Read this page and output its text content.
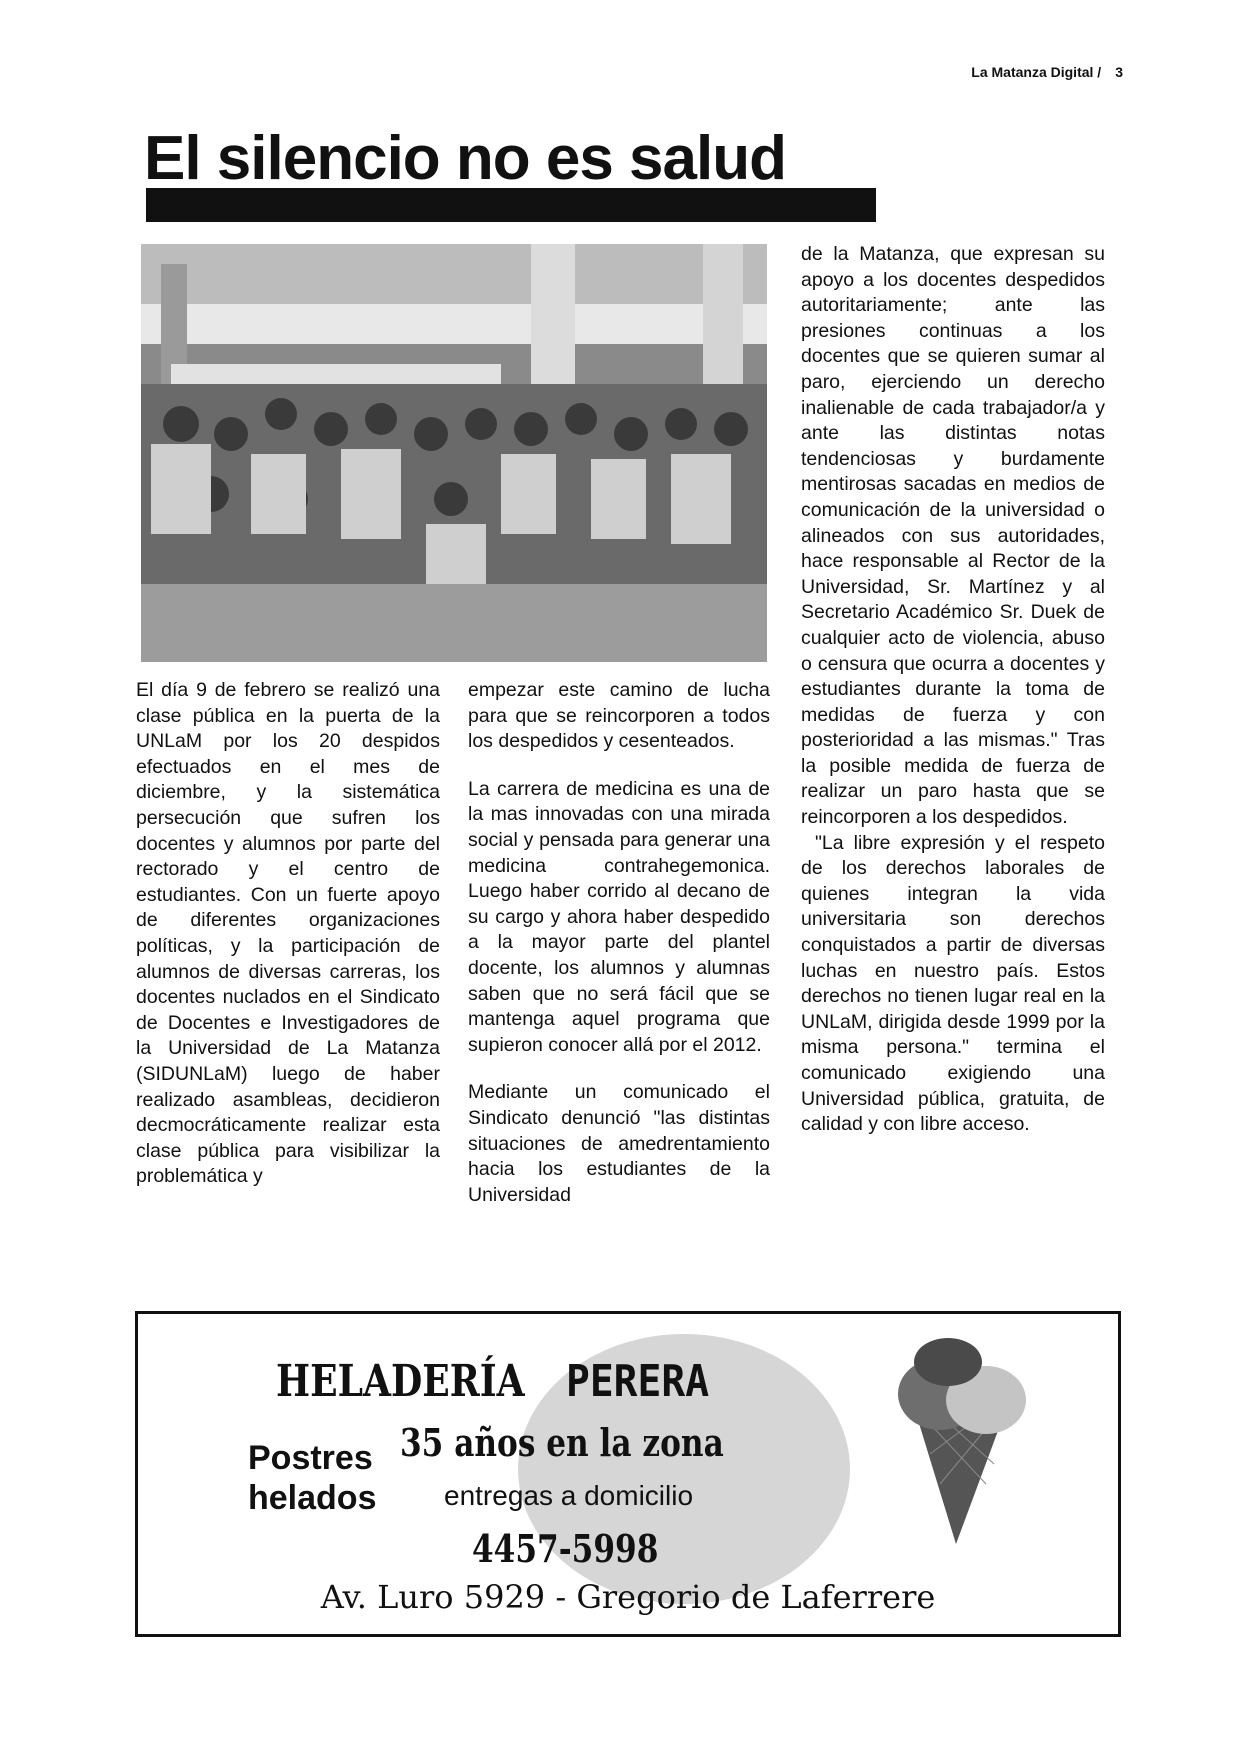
La Matanza Digital / 3
El silencio no es salud

El día 9 de febrero se realizó una clase pública en la puerta de la UNLaM por los 20 despidos efectuados en el mes de diciembre, y la sistemática persecución que sufren los docentes y alumnos por parte del rectorado y el centro de estudiantes. Con un fuerte apoyo de diferentes organizaciones políticas, y la participación de alumnos de diversas carreras, los docentes nuclados en el Sindicato de Docentes e Investigadores de la Universidad de La Matanza (SIDUNLaM) luego de haber realizado asambleas, decidieron decmocráticamente realizar esta clase pública para visibilizar la problemática y

empezar este camino de lucha para que se reincorporen a todos los despedidos y cesenteados.

La carrera de medicina es una de la mas innovadas con una mirada social y pensada para generar una medicina contrahegemonica. Luego haber corrido al decano de su cargo y ahora haber despedido a la mayor parte del plantel docente, los alumnos y alumnas saben que no será fácil que se mantenga aquel programa que supieron conocer allá por el 2012.

Mediante un comunicado el Sindicato denunció "las distintas situaciones de amedrentamiento hacia los estudiantes de la Universidad

de la Matanza, que expresan su apoyo a los docentes despedidos autoritariamente; ante las presiones continuas a los docentes que se quieren sumar al paro, ejerciendo un derecho inalienable de cada trabajador/a y ante las distintas notas tendenciosas y burdamente mentirosas sacadas en medios de comunicación de la universidad o alineados con sus autoridades, hace responsable al Rector de la Universidad, Sr. Martínez y al Secretario Académico Sr. Duek de cualquier acto de violencia, abuso o censura que ocurra a docentes y estudiantes durante la toma de medidas de fuerza y con posterioridad a las mismas." Tras la posible medida de fuerza de realizar un paro hasta que se reincorporen a los despedidos.

"La libre expresión y el respeto de los derechos laborales de quienes integran la vida universitaria son derechos conquistados a partir de diversas luchas en nuestro país. Estos derechos no tienen lugar real en la UNLaM, dirigida desde 1999 por la misma persona." termina el comunicado exigiendo una Universidad pública, gratuita, de calidad y con libre acceso.

HELADERÍA PERERA
35 años en la zona
Postres
helados entregas a domicilio
4457-5998
Av. Luro 5929 - Gregorio de Laferrere
